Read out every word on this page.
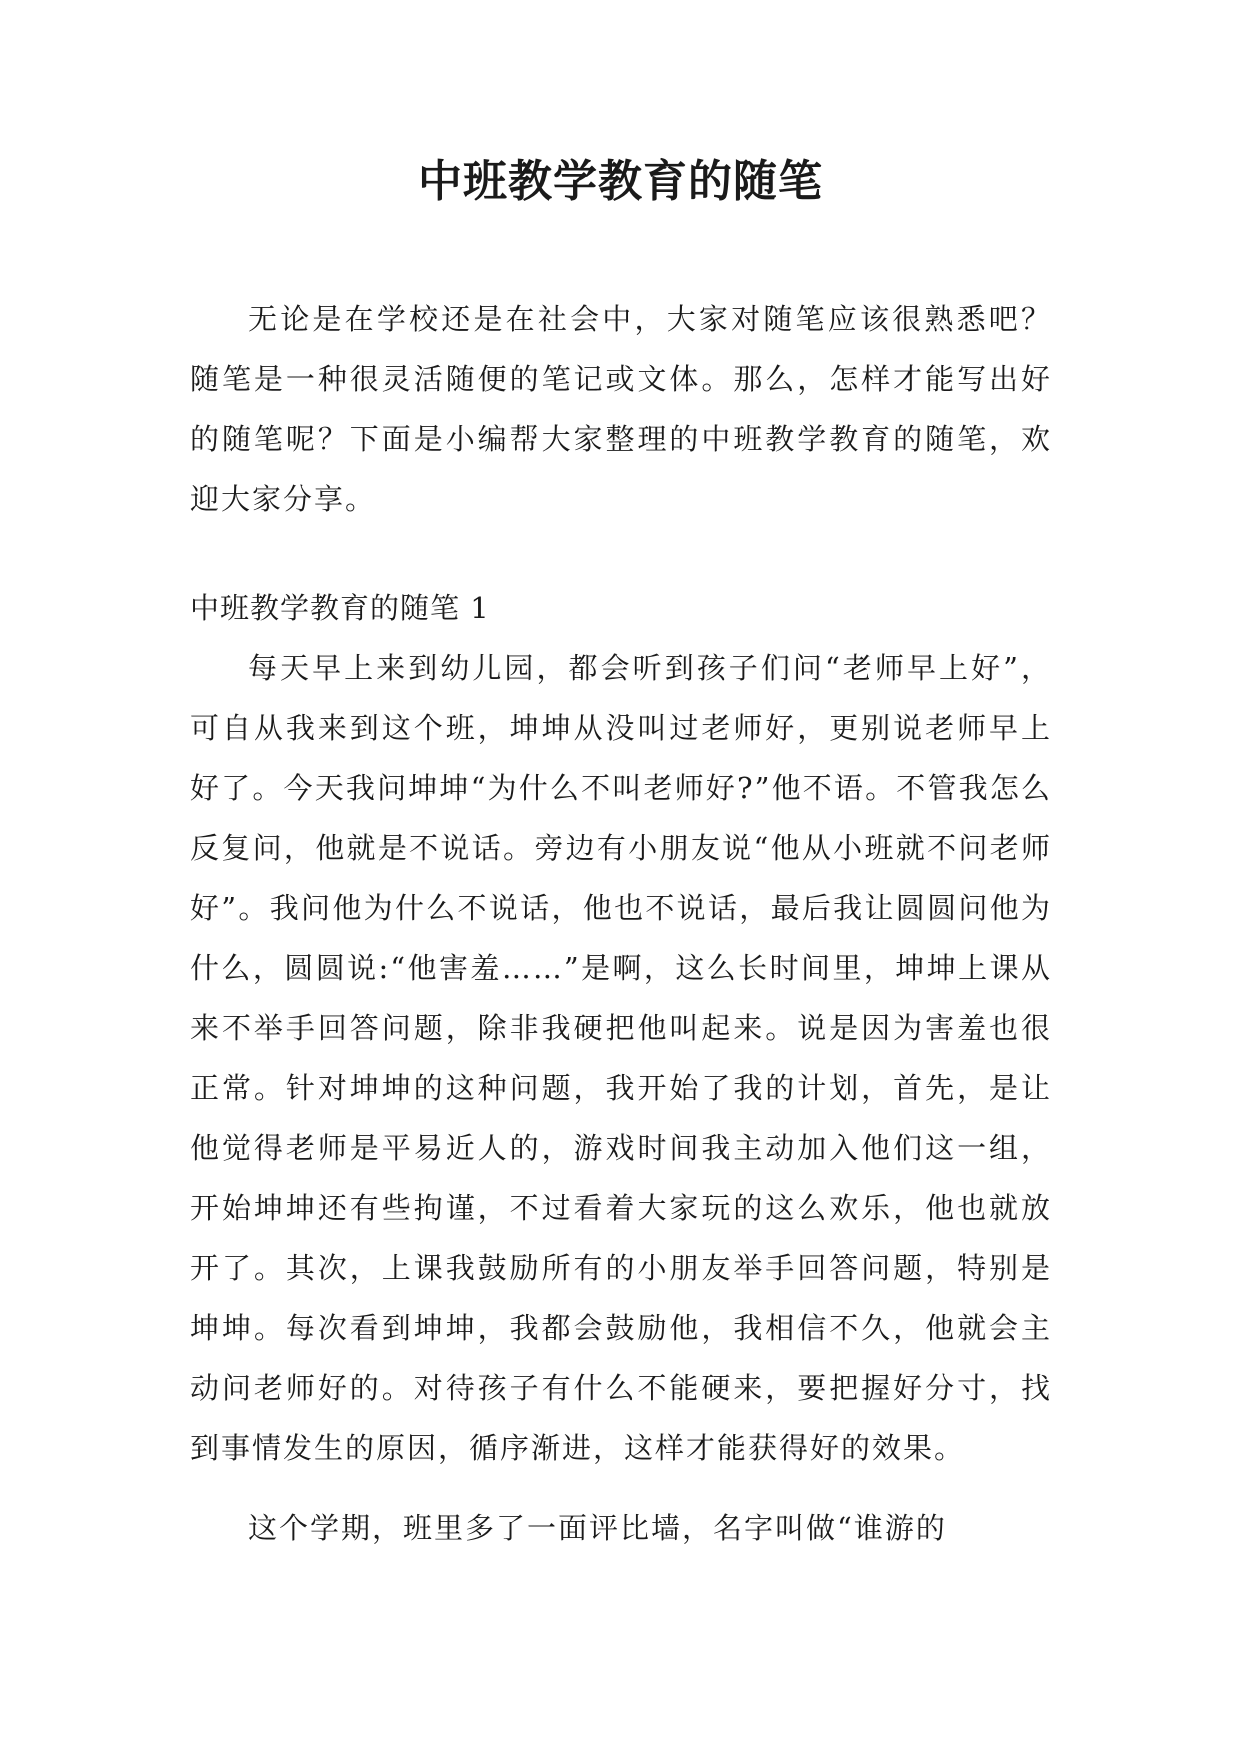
中班教学教育的随笔

无论是在学校还是在社会中，大家对随笔应该很熟悉吧？随笔是一种很灵活随便的笔记或文体。那么，怎样才能写出好的随笔呢？下面是小编帮大家整理的中班教学教育的随笔，欢迎大家分享。

中班教学教育的随笔 1

每天早上来到幼儿园，都会听到孩子们问“老师早上好”，可自从我来到这个班，坤坤从没叫过老师好，更别说老师早上好了。今天我问坤坤“为什么不叫老师好?”他不语。不管我怎么反复问，他就是不说话。旁边有小朋友说“他从小班就不问老师好”。我问他为什么不说话，他也不说话，最后我让圆圆问他为什么，圆圆说:“他害羞……”是啊，这么长时间里，坤坤上课从来不举手回答问题，除非我硬把他叫起来。说是因为害羞也很正常。针对坤坤的这种问题，我开始了我的计划，首先，是让他觉得老师是平易近人的，游戏时间我主动加入他们这一组，开始坤坤还有些拘谨，不过看着大家玩的这么欢乐，他也就放开了。其次，上课我鼓励所有的小朋友举手回答问题，特别是坤坤。每次看到坤坤，我都会鼓励他，我相信不久，他就会主动问老师好的。对待孩子有什么不能硬来，要把握好分寸，找到事情发生的原因，循序渐进，这样才能获得好的效果。

这个学期，班里多了一面评比墙，名字叫做“谁游的
